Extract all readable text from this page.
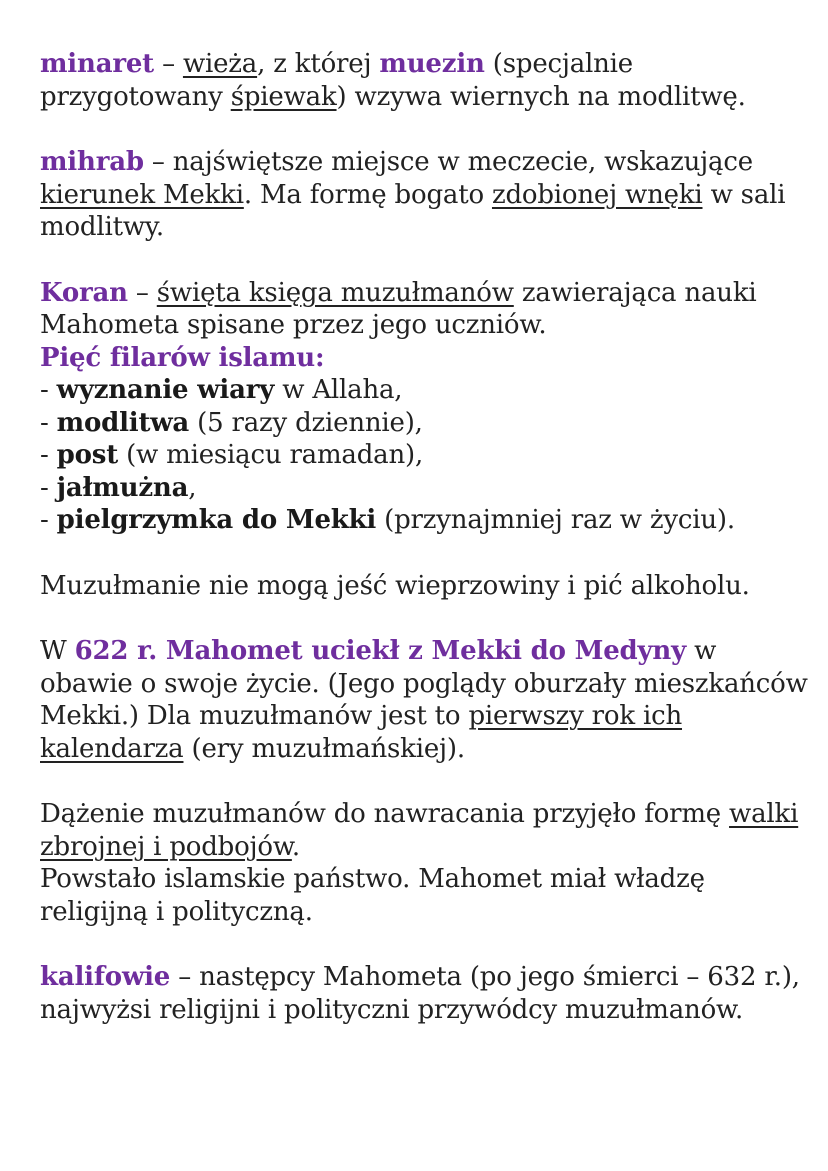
minaret – wieża, z której muezin (specjalnie przygotowany śpiewak) wzywa wiernych na modlitwę.

mihrab – najświętsze miejsce w meczecie, wskazujące kierunek Mekki. Ma formę bogato zdobionej wnęki w sali modlitwy.

Koran – święta księga muzułmanów zawierająca nauki Mahometa spisane przez jego uczniów.

Pięć filarów islamu:

- wyznanie wiary w Allaha,

- modlitwa (5 razy dziennie),

- post (w miesiącu ramadan),

- jałmużna,

- pielgrzymka do Mekki (przynajmniej raz w życiu).

Muzułmanie nie mogą jeść wieprzowiny i pić alkoholu.

W 622 r. Mahomet uciekł z Mekki do Medyny w obawie o swoje życie. (Jego poglądy oburzały mieszkańców Mekki.) Dla muzułmanów jest to pierwszy rok ich kalendarza (ery muzułmańskiej).

Dążenie muzułmanów do nawracania przyjęło formę walki zbrojnej i podbojów.

Powstało islamskie państwo. Mahomet miał władzę religijną i polityczną.

kalifowie – następcy Mahometa (po jego śmierci – 632 r.), najwyżsi religijni i polityczni przywódcy muzułmanów.
